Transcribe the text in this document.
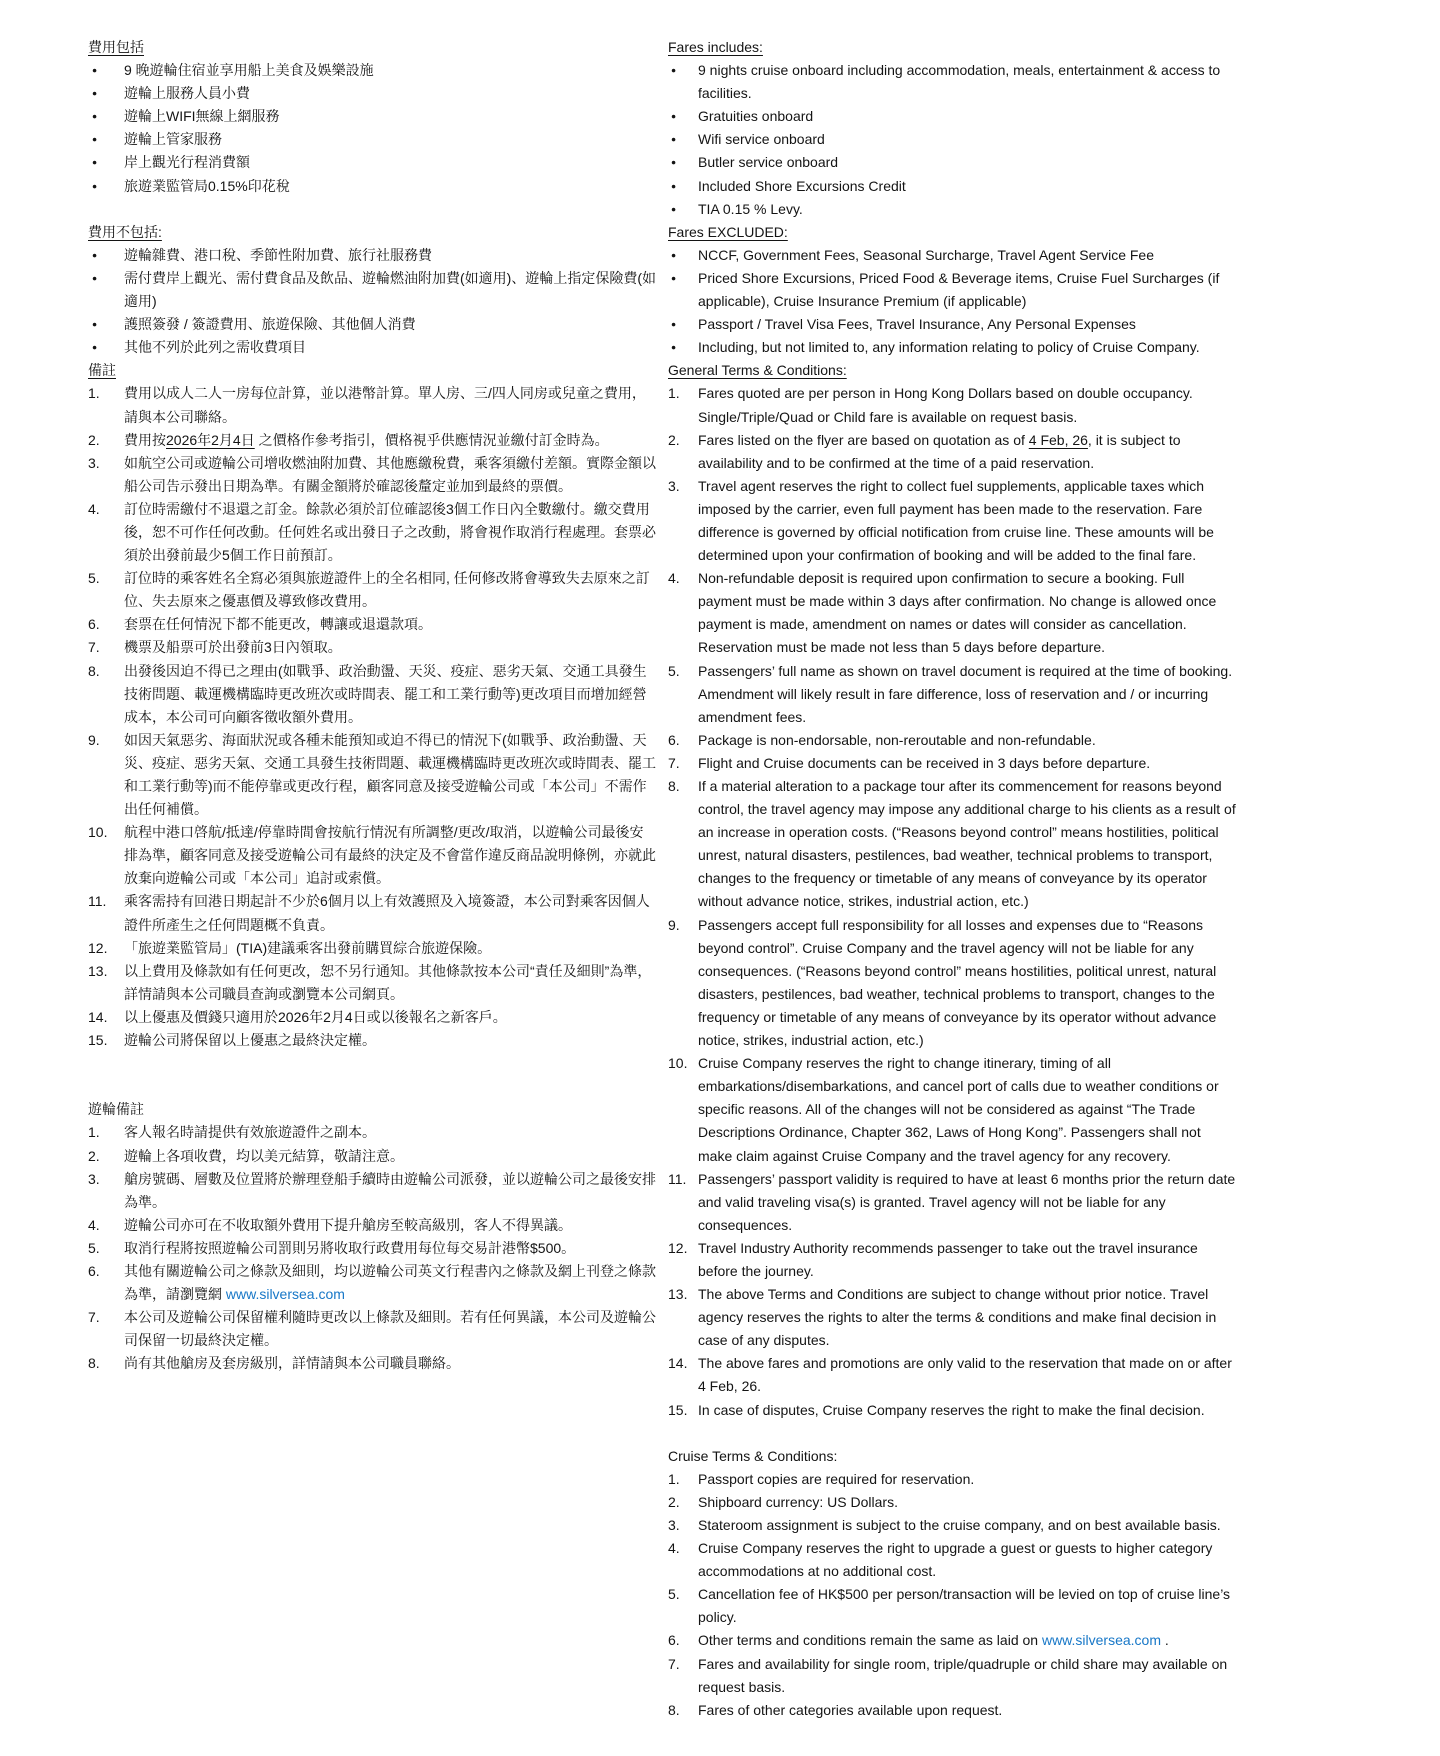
費用包括
● 9 晚遊輪住宿並享用船上美食及娛樂設施
● 遊輪上服務人員小費
● 遊輪上WIFI無線上網服務
● 遊輪上管家服務
● 岸上觀光行程消費額
● 旅遊業監管局0.15%印花稅
費用不包括:
● 遊輪雜費、港口稅、季節性附加費、旅行社服務費
● 需付費岸上觀光、需付費食品及飲品、遊輪燃油附加費(如適用)、遊輪上指定保險費(如適用)
● 護照簽發 / 簽證費用、旅遊保險、其他個人消費
● 其他不列於此列之需收費項目
備註
1. 費用以成人二人一房每位計算，並以港幣計算。單人房、三/四人同房或兒童之費用，請與本公司聯絡。
2. 費用按2026年2月4日 之價格作參考指引，價格視乎供應情況並繳付訂金時為。
3. 如航空公司或遊輪公司增收燃油附加費、其他應繳稅費，乘客須繳付差額。實際金額以船公司告示發出日期為準。有關金額將於確認後釐定並加到最終的票價。
4. 訂位時需繳付不退還之訂金。餘款必須於訂位確認後3個工作日內全數繳付。繳交費用後，恕不可作任何改動。任何姓名或出發日子之改動，將會視作取消行程處理。套票必須於出發前最少5個工作日前預訂。
5. 訂位時的乘客姓名全寫必須與旅遊證件上的全名相同, 任何修改將會導致失去原來之訂位、失去原來之優惠價及導致修改費用。
6. 套票在任何情況下都不能更改，轉讓或退還款項。
7. 機票及船票可於出發前3日內領取。
8. 出發後因迫不得已之理由(如戰爭、政治動盪、天災、疫症、惡劣天氣、交通工具發生技術問題、載運機構臨時更改班次或時間表、罷工和工業行動等)更改項目而增加經營成本，本公司可向顧客徵收額外費用。
9. 如因天氣惡劣、海面狀況或各種未能預知或迫不得已的情況下(如戰爭、政治動盪、天災、疫症、惡劣天氣、交通工具發生技術問題、載運機構臨時更改班次或時間表、罷工和工業行動等)而不能停靠或更改行程，顧客同意及接受遊輪公司或「本公司」不需作出任何補償。
10. 航程中港口啓航/抵達/停靠時間會按航行情況有所調整/更改/取消，以遊輪公司最後安排為準，顧客同意及接受遊輪公司有最終的決定及不會當作違反商品說明條例，亦就此放棄向遊輪公司或「本公司」追討或索償。
11. 乘客需持有回港日期起計不少於6個月以上有效護照及入境簽證，本公司對乘客因個人證件所產生之任何問題概不負責。
12. 「旅遊業監管局」(TIA)建議乘客出發前購買綜合旅遊保險。
13. 以上費用及條款如有任何更改，恕不另行通知。其他條款按本公司“責任及細則”為準，詳情請與本公司職員查詢或瀏覽本公司網頁。
14. 以上優惠及價錢只適用於2026年2月4日或以後報名之新客戶。
15. 遊輪公司將保留以上優惠之最終決定權。
遊輪備註
1. 客人報名時請提供有效旅遊證件之副本。
2. 遊輪上各項收費，均以美元結算，敬請注意。
3. 艙房號碼、層數及位置將於辦理登船手續時由遊輪公司派發，並以遊輪公司之最後安排為準。
4. 遊輪公司亦可在不收取額外費用下提升艙房至較高級別，客人不得異議。
5. 取消行程將按照遊輪公司罰則另將收取行政費用每位每交易計港幣$500。
6. 其他有關遊輪公司之條款及細則，均以遊輪公司英文行程書內之條款及網上刊登之條款為準，請瀏覽網 www.silversea.com
7. 本公司及遊輪公司保留權利隨時更改以上條款及細則。若有任何異議，本公司及遊輪公司保留一切最終決定權。
8. 尚有其他艙房及套房級別，詳情請與本公司職員聯絡。
Fares includes:
● 9 nights cruise onboard including accommodation, meals, entertainment & access to facilities.
● Gratuities onboard
● Wifi service onboard
● Butler service onboard
● Included Shore Excursions Credit
● TIA 0.15 % Levy.
Fares EXCLUDED:
● NCCF, Government Fees, Seasonal Surcharge, Travel Agent Service Fee
● Priced Shore Excursions, Priced Food & Beverage items, Cruise Fuel Surcharges (if applicable), Cruise Insurance Premium (if applicable)
● Passport / Travel Visa Fees, Travel Insurance, Any Personal Expenses
● Including, but not limited to, any information relating to policy of Cruise Company.
General Terms & Conditions:
1. Fares quoted are per person in Hong Kong Dollars based on double occupancy. Single/Triple/Quad or Child fare is available on request basis.
2. Fares listed on the flyer are based on quotation as of 4 Feb, 26, it is subject to availability and to be confirmed at the time of a paid reservation.
3. Travel agent reserves the right to collect fuel supplements, applicable taxes which imposed by the carrier, even full payment has been made to the reservation. Fare difference is governed by official notification from cruise line. These amounts will be determined upon your confirmation of booking and will be added to the final fare.
4. Non-refundable deposit is required upon confirmation to secure a booking. Full payment must be made within 3 days after confirmation. No change is allowed once payment is made, amendment on names or dates will consider as cancellation. Reservation must be made not less than 5 days before departure.
5. Passengers’ full name as shown on travel document is required at the time of booking. Amendment will likely result in fare difference, loss of reservation and / or incurring amendment fees.
6. Package is non-endorsable, non-reroutable and non-refundable.
7. Flight and Cruise documents can be received in 3 days before departure.
8. If a material alteration to a package tour after its commencement for reasons beyond control, the travel agency may impose any additional charge to his clients as a result of an increase in operation costs. (“Reasons beyond control” means hostilities, political unrest, natural disasters, pestilences, bad weather, technical problems to transport, changes to the frequency or timetable of any means of conveyance by its operator without advance notice, strikes, industrial action, etc.)
9. Passengers accept full responsibility for all losses and expenses due to “Reasons beyond control”. Cruise Company and the travel agency will not be liable for any consequences. (“Reasons beyond control” means hostilities, political unrest, natural disasters, pestilences, bad weather, technical problems to transport, changes to the frequency or timetable of any means of conveyance by its operator without advance notice, strikes, industrial action, etc.)
10. Cruise Company reserves the right to change itinerary, timing of all embarkations/disembarkations, and cancel port of calls due to weather conditions or specific reasons. All of the changes will not be considered as against “The Trade Descriptions Ordinance, Chapter 362, Laws of Hong Kong”. Passengers shall not make claim against Cruise Company and the travel agency for any recovery.
11. Passengers’ passport validity is required to have at least 6 months prior the return date and valid traveling visa(s) is granted. Travel agency will not be liable for any consequences.
12. Travel Industry Authority recommends passenger to take out the travel insurance before the journey.
13. The above Terms and Conditions are subject to change without prior notice. Travel agency reserves the rights to alter the terms & conditions and make final decision in case of any disputes.
14. The above fares and promotions are only valid to the reservation that made on or after 4 Feb, 26.
15. In case of disputes, Cruise Company reserves the right to make the final decision.
Cruise Terms & Conditions:
1. Passport copies are required for reservation.
2. Shipboard currency: US Dollars.
3. Stateroom assignment is subject to the cruise company, and on best available basis.
4. Cruise Company reserves the right to upgrade a guest or guests to higher category accommodations at no additional cost.
5. Cancellation fee of HK$500 per person/transaction will be levied on top of cruise line’s policy.
6. Other terms and conditions remain the same as laid on www.silversea.com .
7. Fares and availability for single room, triple/quadruple or child share may available on request basis.
8. Fares of other categories available upon request.
